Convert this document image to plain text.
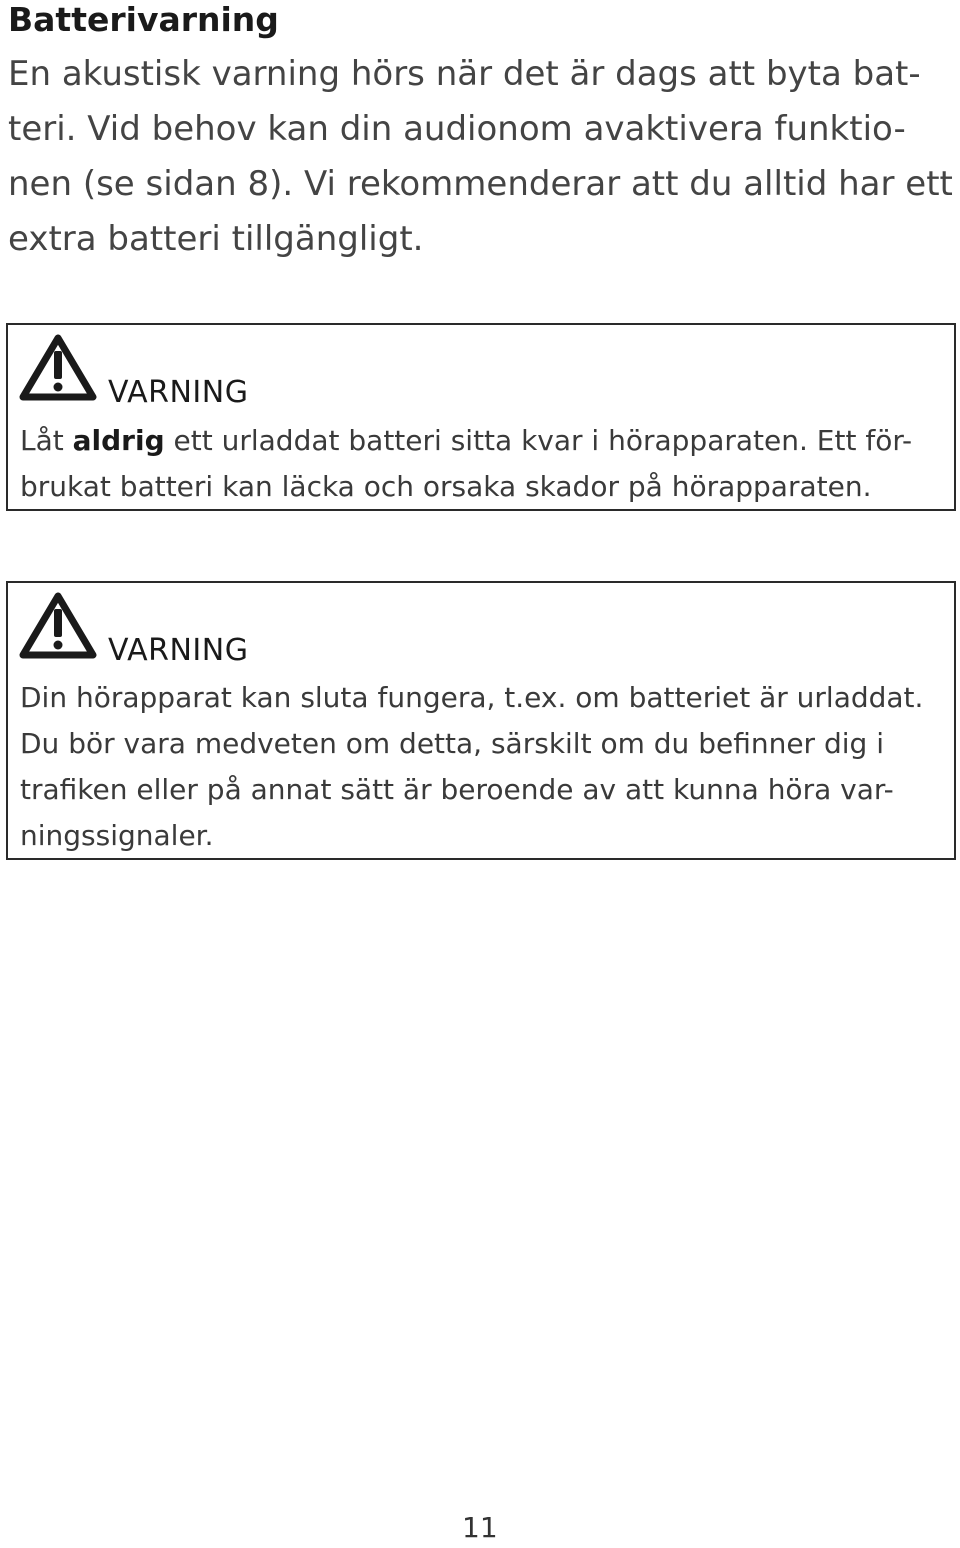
Batterivarning

En akustisk varning hörs när det är dags att byta bat-
teri. Vid behov kan din audionom avaktivera funktio-
nen (se sidan 8). Vi rekommenderar att du alltid har ett
extra batteri tillgängligt.

VARNING

Låt aldrig ett urladdat batteri sitta kvar i hörapparaten. Ett för-
brukat batteri kan läcka och orsaka skador på hörapparaten.

VARNING

Din hörapparat kan sluta fungera, t.ex. om batteriet är urladdat.
Du bör vara medveten om detta, särskilt om du befinner dig i
trafiken eller på annat sätt är beroende av att kunna höra var-
ningssignaler.

11
